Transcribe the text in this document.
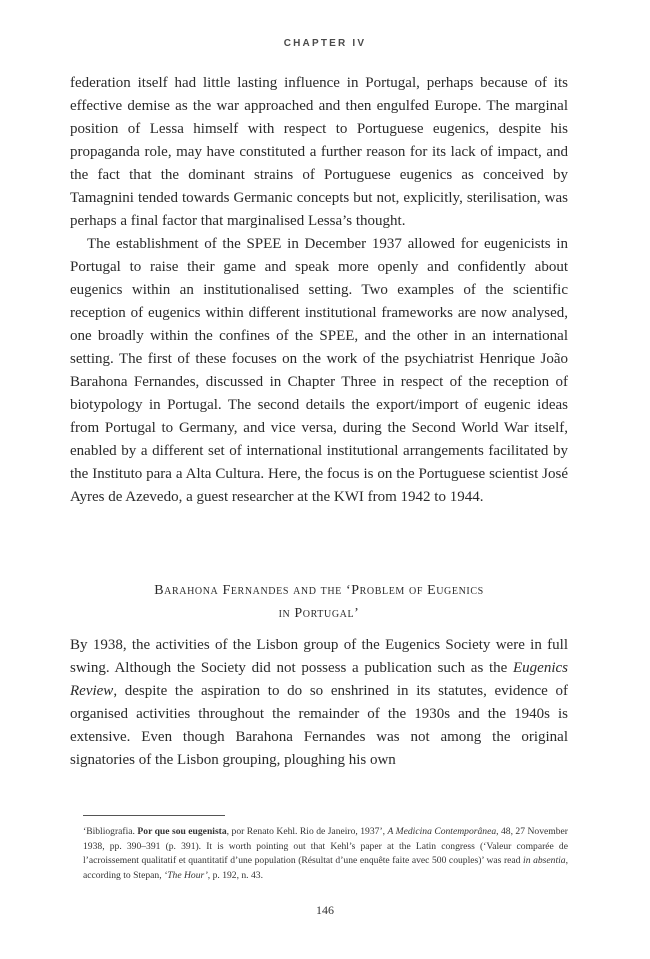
CHAPTER IV

federation itself had little lasting influence in Portugal, perhaps because of its effective demise as the war approached and then engulfed Europe. The marginal position of Lessa himself with respect to Portuguese eugenics, despite his propaganda role, may have constituted a further reason for its lack of impact, and the fact that the dominant strains of Portuguese eugenics as conceived by Tamagnini tended towards Germanic concepts but not, explicitly, sterilisation, was perhaps a final factor that marginalised Lessa’s thought.

The establishment of the SPEE in December 1937 allowed for eugenicists in Portugal to raise their game and speak more openly and confidently about eugenics within an institutionalised setting. Two examples of the scientific reception of eugenics within different institutional frameworks are now analysed, one broadly within the confines of the SPEE, and the other in an international setting. The first of these focuses on the work of the psychiatrist Henrique João Barahona Fernandes, discussed in Chapter Three in respect of the reception of biotypology in Portugal. The second details the export/import of eugenic ideas from Portugal to Germany, and vice versa, during the Second World War itself, enabled by a different set of international institutional arrangements facilitated by the Instituto para a Alta Cultura. Here, the focus is on the Portuguese scientist José Ayres de Azevedo, a guest researcher at the KWI from 1942 to 1944.

Barahona Fernandes and the ‘Problem of Eugenics
in Portugal’

By 1938, the activities of the Lisbon group of the Eugenics Society were in full swing. Although the Society did not possess a publication such as the Eugenics Review, despite the aspiration to do so enshrined in its statutes, evidence of organised activities throughout the remainder of the 1930s and the 1940s is extensive. Even though Barahona Fernandes was not among the original signatories of the Lisbon grouping, ploughing his own

‘Bibliografia. Por que sou eugenista, por Renato Kehl. Rio de Janeiro, 1937’, A Medicina Contemporânea, 48, 27 November 1938, pp. 390–391 (p. 391). It is worth pointing out that Kehl’s paper at the Latin congress (‘Valeur comparée de l’acroissement qualitatif et quantitatif d’une population (Résultat d’une enquête faite avec 500 couples)’ was read in absentia, according to Stepan, ‘The Hour’, p. 192, n. 43.

146
